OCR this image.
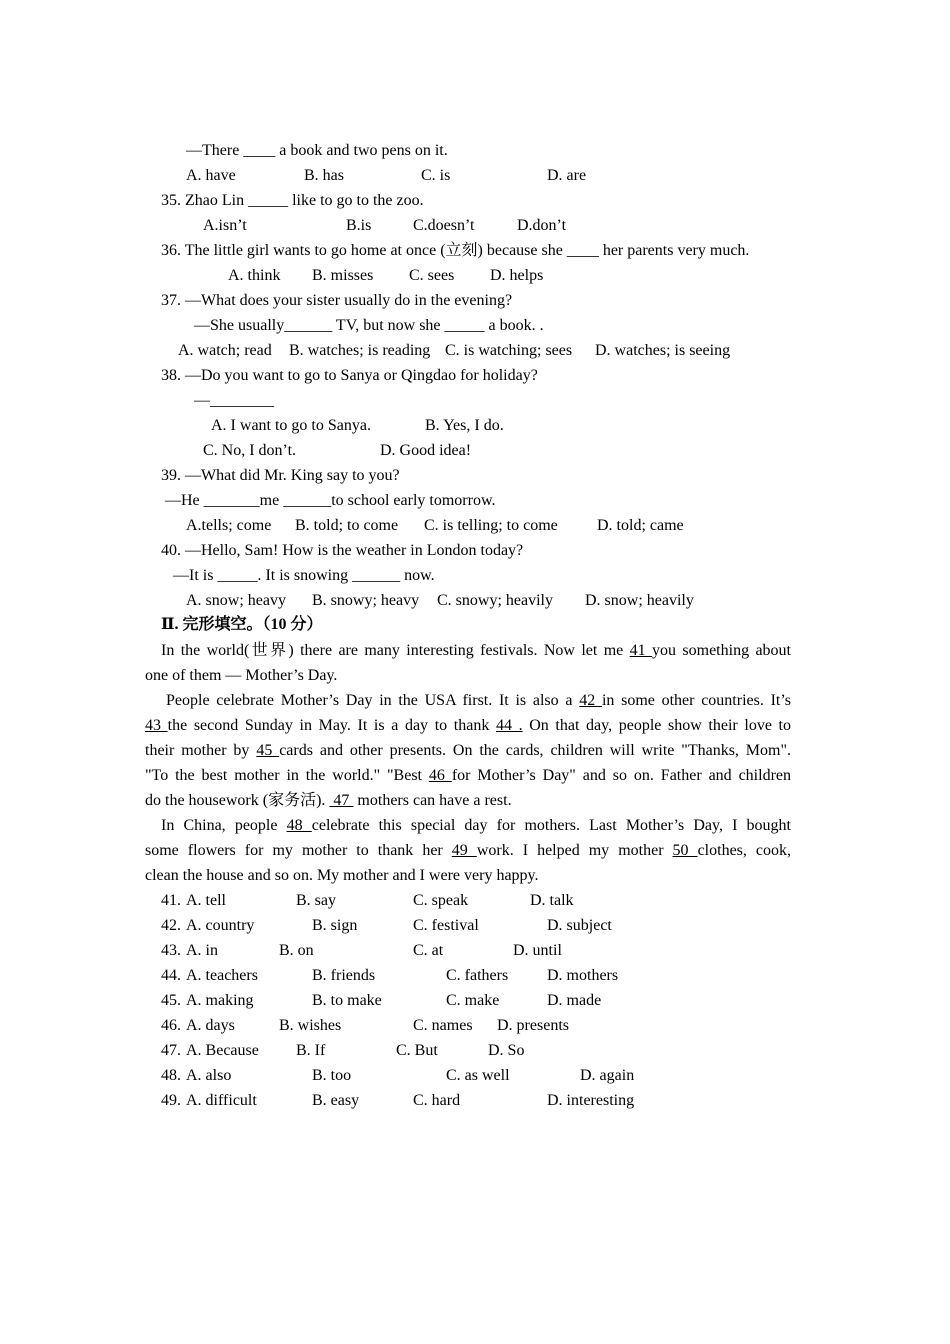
—There ____ a book and two pens on it.

A. have

	B. has

	C. is

	D. are

35. Zhao Lin _____ like to go to the zoo.

A.isn’t

	B.is

	C.doesn’t

	D.don’t

36. The little girl wants to go home at once (立刻) because she ____ her parents very much.

A. think

B. misses

C. sees

D. helps

37. —What does your sister usually do in the evening?
—She usually______ TV, but now she _____ a book. .

A. watch; read

B. watches; is reading

C. is watching; sees

D. watches; is seeing

38. —Do you want to go to Sanya or Qingdao for holiday?
—________

A. I want to go to Sanya.

	B. Yes, I do.

C. No, I don’t.

	D. Good idea!

39. —What did Mr. King say to you?
—He _______me ______to school early tomorrow.

A.tells; come

B. told; to come

C. is telling; to come

D. told; came

40. —Hello, Sam! How is the weather in London today?
—It is _____. It is snowing ______ now.

A. snow; heavy

B. snowy; heavy

C. snowy; heavily

D. snow; heavily

Ⅱ. 完形填空。（10 分）
In the world(世界) there are many interesting festivals. Now let me 41 you something about
one of them — Mother’s Day.
People celebrate Mother’s Day in the USA first. It is also a 42 in some other countries. It’s
43 the second Sunday in May. It is a day to thank 44 . On that day, people show their love to
their mother by 45 cards and other presents. On the cards, children will write "Thanks, Mom".
"To the best mother in the world." "Best 46 for Mother’s Day" and so on. Father and children
do the housework (家务活).  47  mothers can have a rest.
In China, people 48 celebrate this special day for mothers. Last Mother’s Day, I bought
some flowers for my mother to thank her 49 work. I helped my mother 50 clothes, cook,
clean the house and so on. My mother and I were very happy.
41. A. tell	B. say	C. speak	D. talk
42. A. country	B. sign	C. festival	D. subject
43. A. in	B. on	C. at	D. until
44. A. teachers	B. friends	C. fathers D. mothers
45. A. making	B. to make	C. make	D. made
46. A. days	B. wishes	C. names D. presents
47. A. Because B. If	C. But	D. So
48. A. also	B. too	C. as well	D. again
49. A. difficult	B. easy	C. hard	D. interesting
